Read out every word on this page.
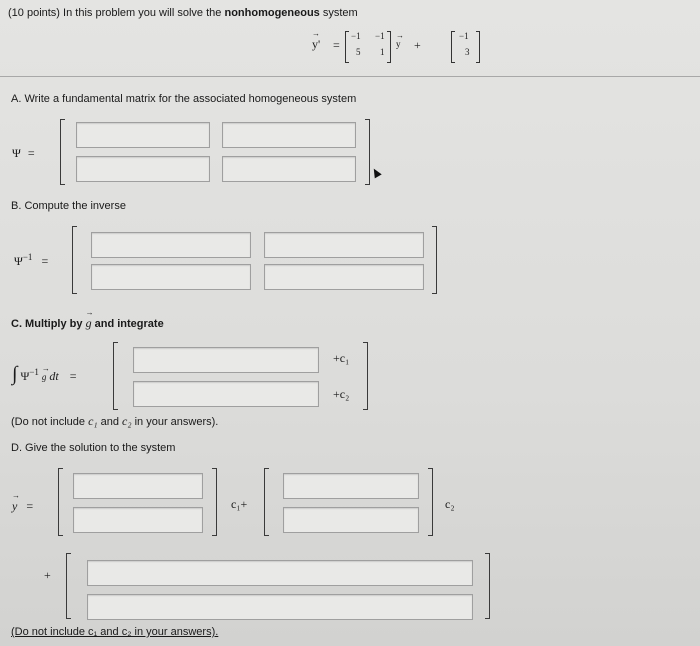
(10 points) In this problem you will solve the nonhomogeneous system
→ y' =
−1 −1
5 1
→ y +
−1
3
A. Write a fundamental matrix for the associated homogeneous system
Ψ =
B. Compute the inverse
$\Psi^{-1}$ =
C. Multiply by → g and integrate
∫ $\Psi^{-1} \to g$ dt =
+c₁
+c₂
(Do not include c₁ and c₂ in your answers).
D. Give the solution to the system
→ y =	c₁+	c₂
+
(Do not include c₁ and c₂ in your answers).
